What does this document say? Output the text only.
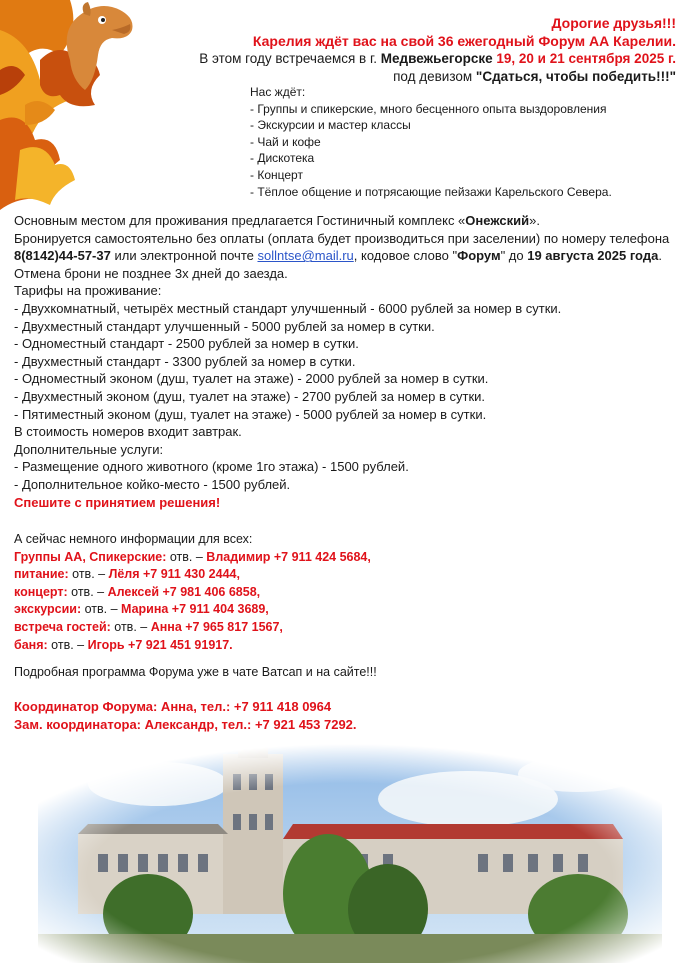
Дорогие друзья!!!
Карелия ждёт вас на свой 36 ежегодный Форум АА Карелии.
В этом году встречаемся в г. Медвежьегорске 19, 20 и 21 сентября 2025 г.
под девизом "Сдаться, чтобы победить!!!"
Нас ждёт:
- Группы и спикерские, много бесценного опыта выздоровления
- Экскурсии и мастер классы
- Чай и кофе
- Дискотека
- Концерт
- Тёплое общение и потрясающие пейзажи Карельского Севера.

Основным местом для проживания предлагается Гостиничный комплекс «Онежский».

Бронируется самостоятельно без оплаты (оплата будет производиться при заселении) по номеру телефона

8(8142)44-57-37 или электронной почте sollntse@mail.ru, кодовое слово "Форум" до 19 августа 2025 года.

Отмена брони не позднее 3х дней до заезда.

Тарифы на проживание:

- Двухкомнатный, четырёх местный стандарт улучшенный - 6000 рублей за номер в сутки.
- Двухместный стандарт улучшенный - 5000 рублей за номер в сутки.
- Одноместный стандарт - 2500 рублей за номер в сутки.
- Двухместный стандарт - 3300 рублей за номер в сутки.
- Одноместный эконом (душ, туалет на этаже) - 2000 рублей за номер в сутки.
- Двухместный эконом (душ, туалет на этаже) - 2700 рублей за номер в сутки.
- Пятиместный эконом (душ, туалет на этаже) - 5000 рублей за номер в сутки.

В стоимость номеров входит завтрак.

Дополнительные услуги:

- Размещение одного животного (кроме 1го этажа) - 1500 рублей.
- Дополнительное койко-место - 1500 рублей.

Спешите с принятием решения!

А сейчас немного информации для всех:

Группы АА, Спикерские: отв. – Владимир +7 911 424 5684,

питание: отв. – Лёля +7 911 430 2444,

концерт: отв. – Алексей +7 981 406 6858,

экскурсии: отв. – Марина +7 911 404 3689,

встреча гостей: отв. – Анна +7 965 817 1567,

баня: отв. – Игорь +7 921 451 91917.

Подробная программа Форума уже в чате Ватсап и на сайте!!!
Координатор Форума: Анна, тел.: +7 911 418 0964
Зам. координатора: Александр, тел.: +7 921 453 7292.
